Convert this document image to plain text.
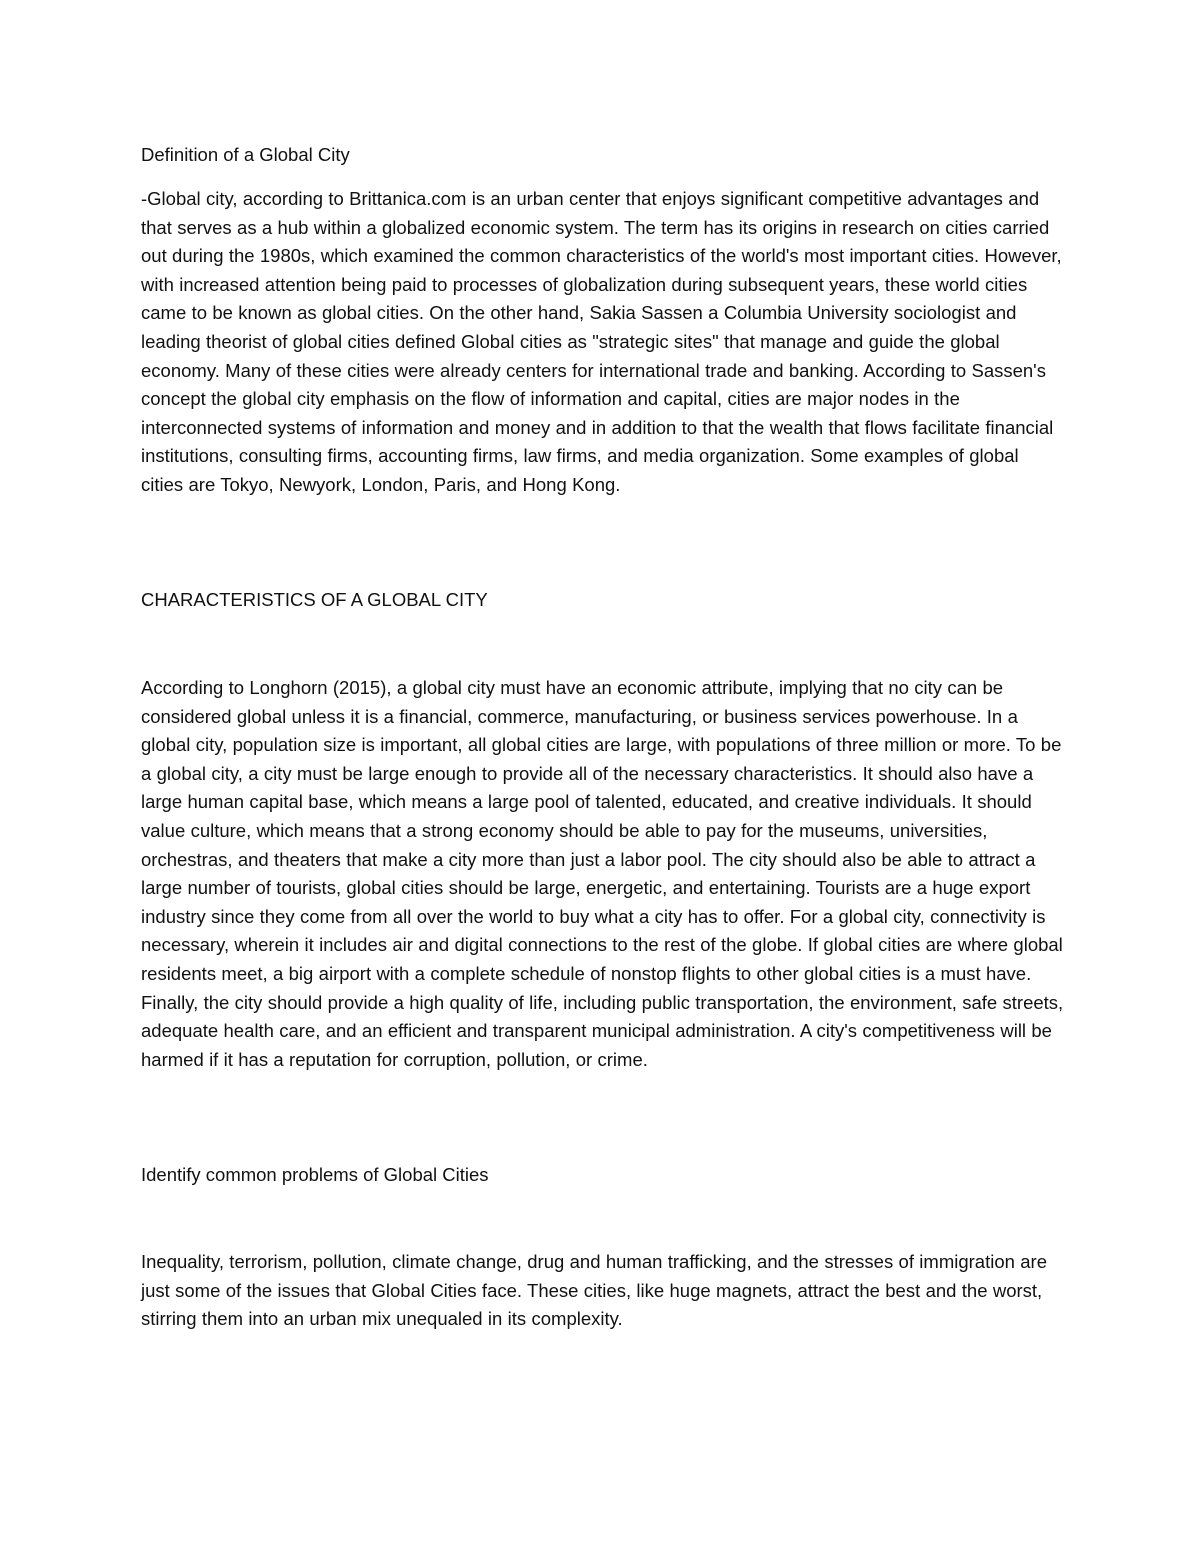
Definition of a Global City

-Global city, according to Brittanica.com is an urban center that enjoys significant competitive advantages and that serves as a hub within a globalized economic system. The term has its origins in research on cities carried out during the 1980s, which examined the common characteristics of the world's most important cities. However, with increased attention being paid to processes of globalization during subsequent years, these world cities came to be known as global cities. On the other hand, Sakia Sassen a Columbia University sociologist and leading theorist of global cities defined Global cities as "strategic sites" that manage and guide the global economy. Many of these cities were already centers for international trade and banking. According to Sassen's concept the global city emphasis on the flow of information and capital, cities are major nodes in the interconnected systems of information and money and in addition to that the wealth that flows facilitate financial institutions, consulting firms, accounting firms, law firms, and media organization. Some examples of global cities are Tokyo, Newyork, London, Paris, and Hong Kong.

CHARACTERISTICS OF A GLOBAL CITY

According to Longhorn (2015), a global city must have an economic attribute, implying that no city can be considered global unless it is a financial, commerce, manufacturing, or business services powerhouse. In a global city, population size is important, all global cities are large, with populations of three million or more. To be a global city, a city must be large enough to provide all of the necessary characteristics. It should also have a large human capital base, which means a large pool of talented, educated, and creative individuals. It should value culture, which means that a strong economy should be able to pay for the museums, universities, orchestras, and theaters that make a city more than just a labor pool. The city should also be able to attract a large number of tourists, global cities should be large, energetic, and entertaining. Tourists are a huge export industry since they come from all over the world to buy what a city has to offer. For a global city, connectivity is necessary, wherein it includes air and digital connections to the rest of the globe. If global cities are where global residents meet, a big airport with a complete schedule of nonstop flights to other global cities is a must have. Finally, the city should provide a high quality of life, including public transportation, the environment, safe streets, adequate health care, and an efficient and transparent municipal administration. A city's competitiveness will be harmed if it has a reputation for corruption, pollution, or crime.

Identify common problems of Global Cities

Inequality, terrorism, pollution, climate change, drug and human trafficking, and the stresses of immigration are just some of the issues that Global Cities face. These cities, like huge magnets, attract the best and the worst, stirring them into an urban mix unequaled in its complexity.
